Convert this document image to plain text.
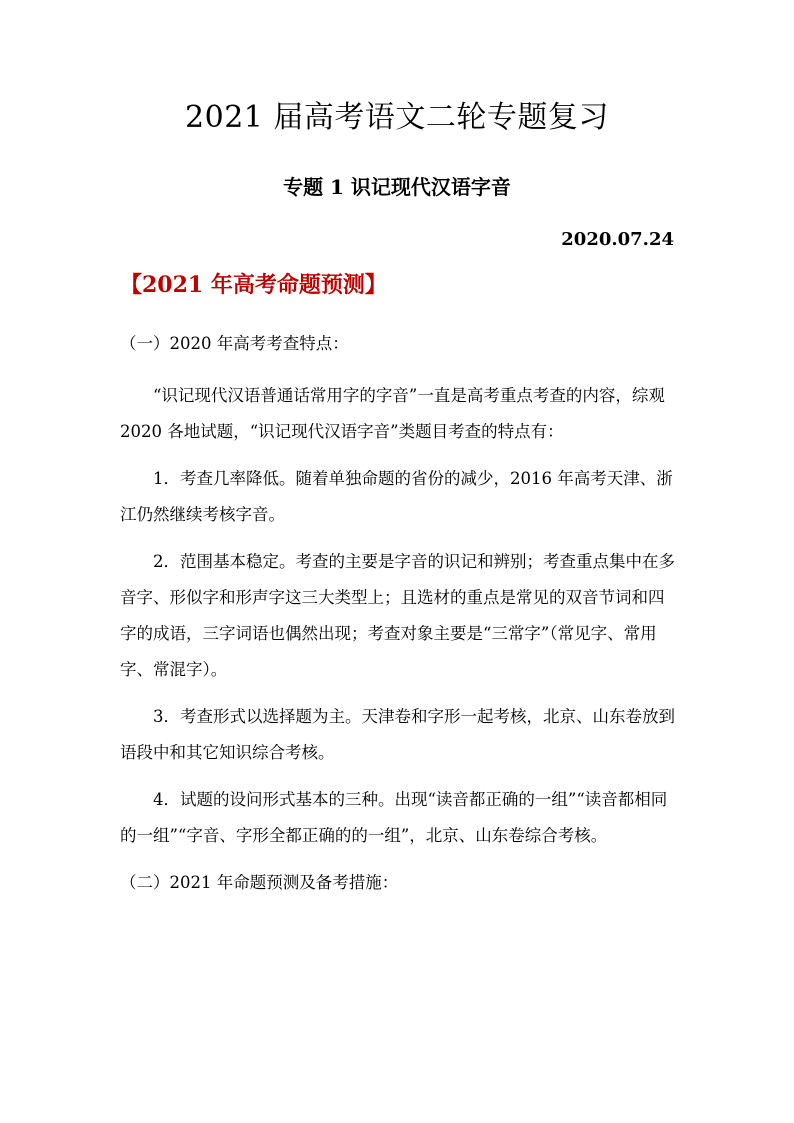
2021 届高考语文二轮专题复习
专题 1 识记现代汉语字音
2020.07.24
【2021 年高考命题预测】
（一）2020 年高考考查特点：

“识记现代汉语普通话常用字的字音”一直是高考重点考查的内容，综观 2020 各地试题，“识记现代汉语字音”类题目考查的特点有：

1．考查几率降低。随着单独命题的省份的减少，2016 年高考天津、浙江仍然继续考核字音。

2．范围基本稳定。考查的主要是字音的识记和辨别；考查重点集中在多音字、形似字和形声字这三大类型上；且选材的重点是常见的双音节词和四字的成语，三字词语也偶然出现；考查对象主要是“三常字”（常见字、常用字、常混字）。

3．考查形式以选择题为主。天津卷和字形一起考核，北京、山东卷放到语段中和其它知识综合考核。

4．试题的设问形式基本的三种。出现“读音都正确的一组”“读音都相同的一组”“字音、字形全都正确的的一组”，北京、山东卷综合考核。

（二）2021 年命题预测及备考措施：
